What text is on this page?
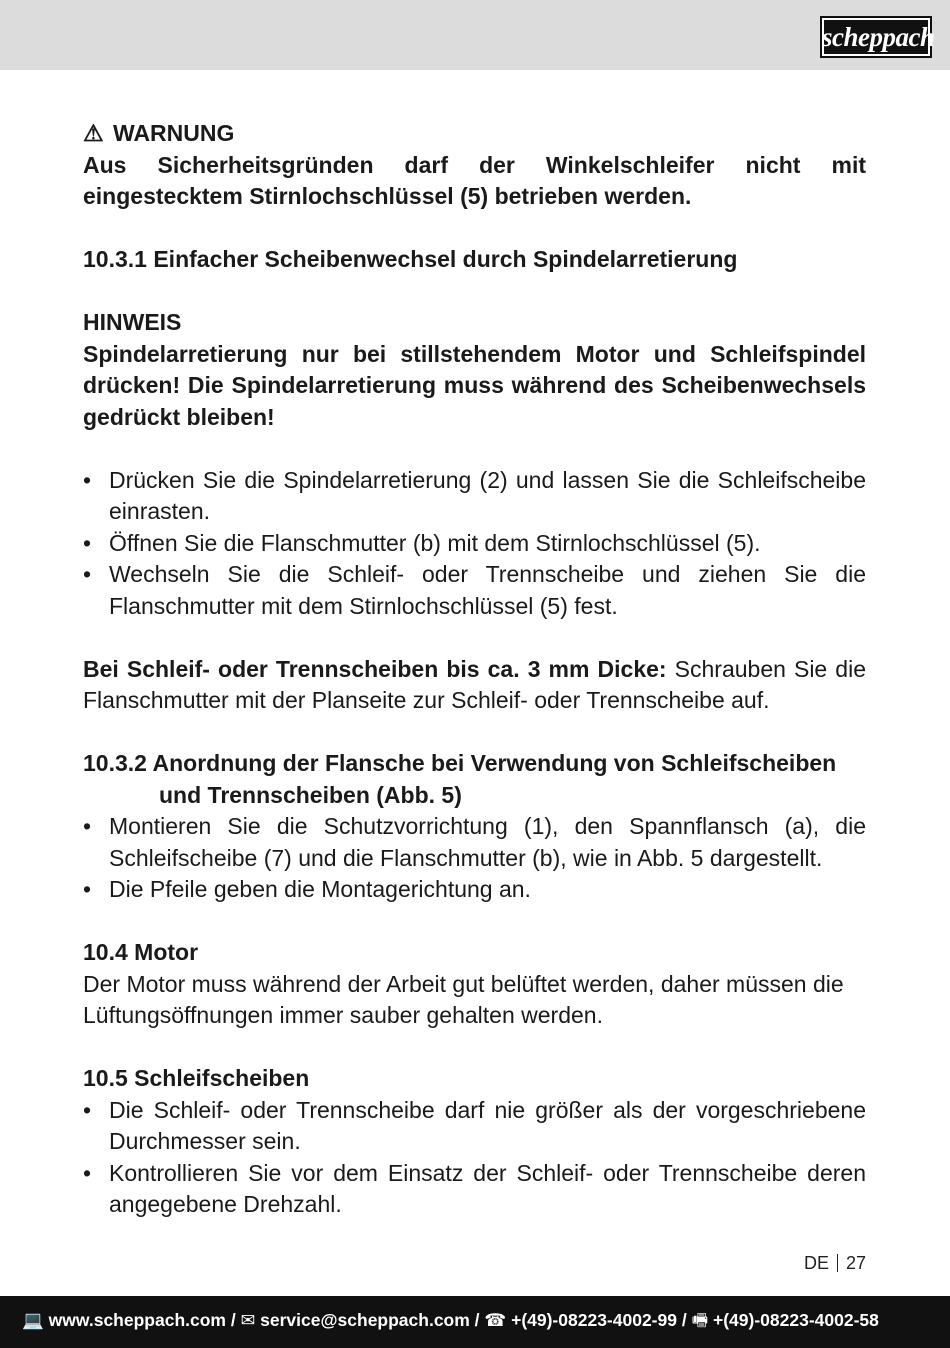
scheppach

⚠ WARNUNG

Aus Sicherheitsgründen darf der Winkelschleifer nicht mit eingestecktem Stirnlochschlüssel (5) betrieben werden.

10.3.1 Einfacher Scheibenwechsel durch Spindelarretierung

HINWEIS

Spindelarretierung nur bei stillstehendem Motor und Schleifspindel drücken! Die Spindelarretierung muss während des Scheibenwechsels gedrückt bleiben!

• Drücken Sie die Spindelarretierung (2) und lassen Sie die Schleifscheibe einrasten.
• Öffnen Sie die Flanschmutter (b) mit dem Stirnlochschlüssel (5).
• Wechseln Sie die Schleif- oder Trennscheibe und ziehen Sie die Flanschmutter mit dem Stirnlochschlüssel (5) fest.

Bei Schleif- oder Trennscheiben bis ca. 3 mm Dicke: Schrauben Sie die Flanschmutter mit der Planseite zur Schleif- oder Trennscheibe auf.

10.3.2 Anordnung der Flansche bei Verwendung von Schleifscheiben und Trennscheiben (Abb. 5)

• Montieren Sie die Schutzvorrichtung (1), den Spannflansch (a), die Schleifscheibe (7) und die Flanschmutter (b), wie in Abb. 5 dargestellt.
• Die Pfeile geben die Montagerichtung an.

10.4 Motor

Der Motor muss während der Arbeit gut belüftet werden, daher müssen die Lüftungsöffnungen immer sauber gehalten werden.

10.5 Schleifscheiben

• Die Schleif- oder Trennscheibe darf nie größer als der vorgeschriebene Durchmesser sein.
• Kontrollieren Sie vor dem Einsatz der Schleif- oder Trennscheibe deren angegebene Drehzahl.
DE 27
💻 www.scheppach.com / ✉ service@scheppach.com / ☎ +(49)-08223-4002-99 / 🖷 +(49)-08223-4002-58
